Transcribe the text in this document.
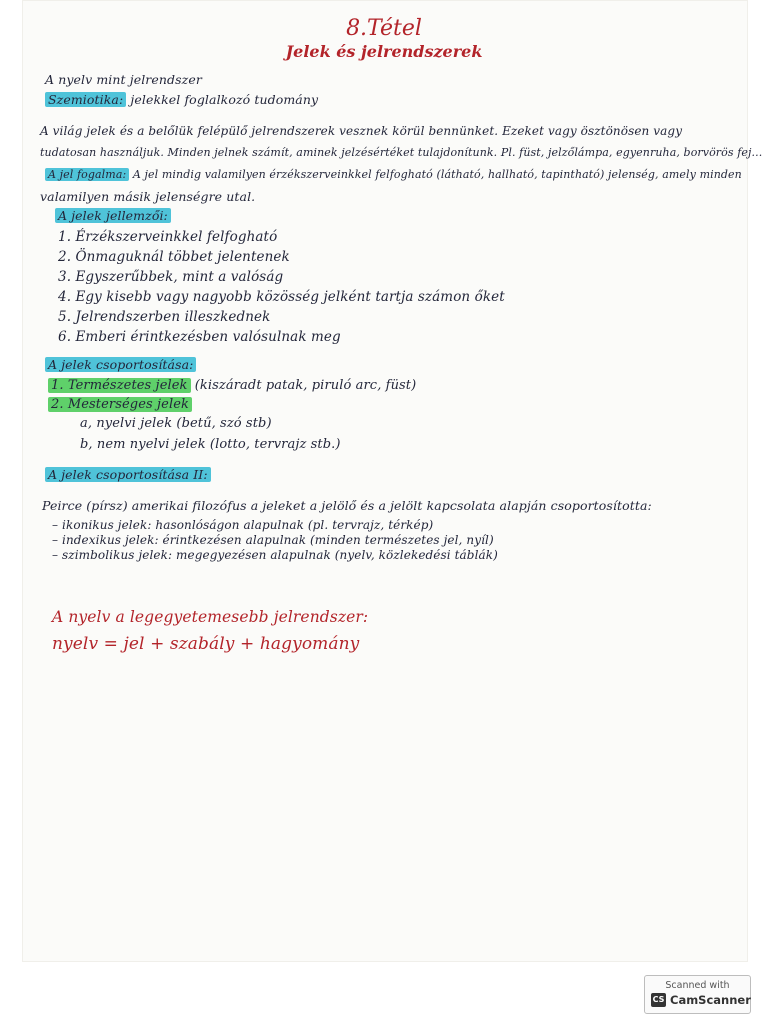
8.Tétel
Jelek és jelrendszerek
A nyelv mint jelrendszer
Szemiotika: jelekkel foglalkozó tudomány
A világ jelek és a belőlük felépülő jelrendszerek vesznek körül bennünket. Ezeket vagy ösztönösen vagy
tudatosan használjuk. Minden jelnek számít, aminek jelzésértéket tulajdonítunk. Pl. füst, jelzőlámpa, egyenruha, borvörös fej...
A jel fogalma: A jel mindig valamilyen érzékszerveinkkel felfogható (látható, hallható, tapintható) jelenség, amely minden
valamilyen másik jelenségre utal.
A jelek jellemzői:
1. Érzékszerveinkkel felfogható
2. Önmaguknál többet jelentenek
3. Egyszerűbbek, mint a valóság
4. Egy kisebb vagy nagyobb közösség jelként tartja számon őket
5. Jelrendszerben illeszkednek
6. Emberi érintkezésben valósulnak meg
A jelek csoportosítása:
1. Természetes jelek (kiszáradt patak, piruló arc, füst)
2. Mesterséges jelek
a, nyelvi jelek (betű, szó stb)
b, nem nyelvi jelek (lotto, tervrajz stb.)
A jelek csoportosítása II:
Peirce (pírsz) amerikai filozófus a jeleket a jelölő és a jelölt kapcsolata alapján csoportosította:
– ikonikus jelek: hasonlóságon alapulnak (pl. tervrajz, térkép)
– indexikus jelek: érintkezésen alapulnak (minden természetes jel, nyíl)
– szimbolikus jelek: megegyezésen alapulnak (nyelv, közlekedési táblák)
A nyelv a legegyetemesebb jelrendszer:
nyelv = jel + szabály + hagyomány
Scanned with
CS CamScanner
